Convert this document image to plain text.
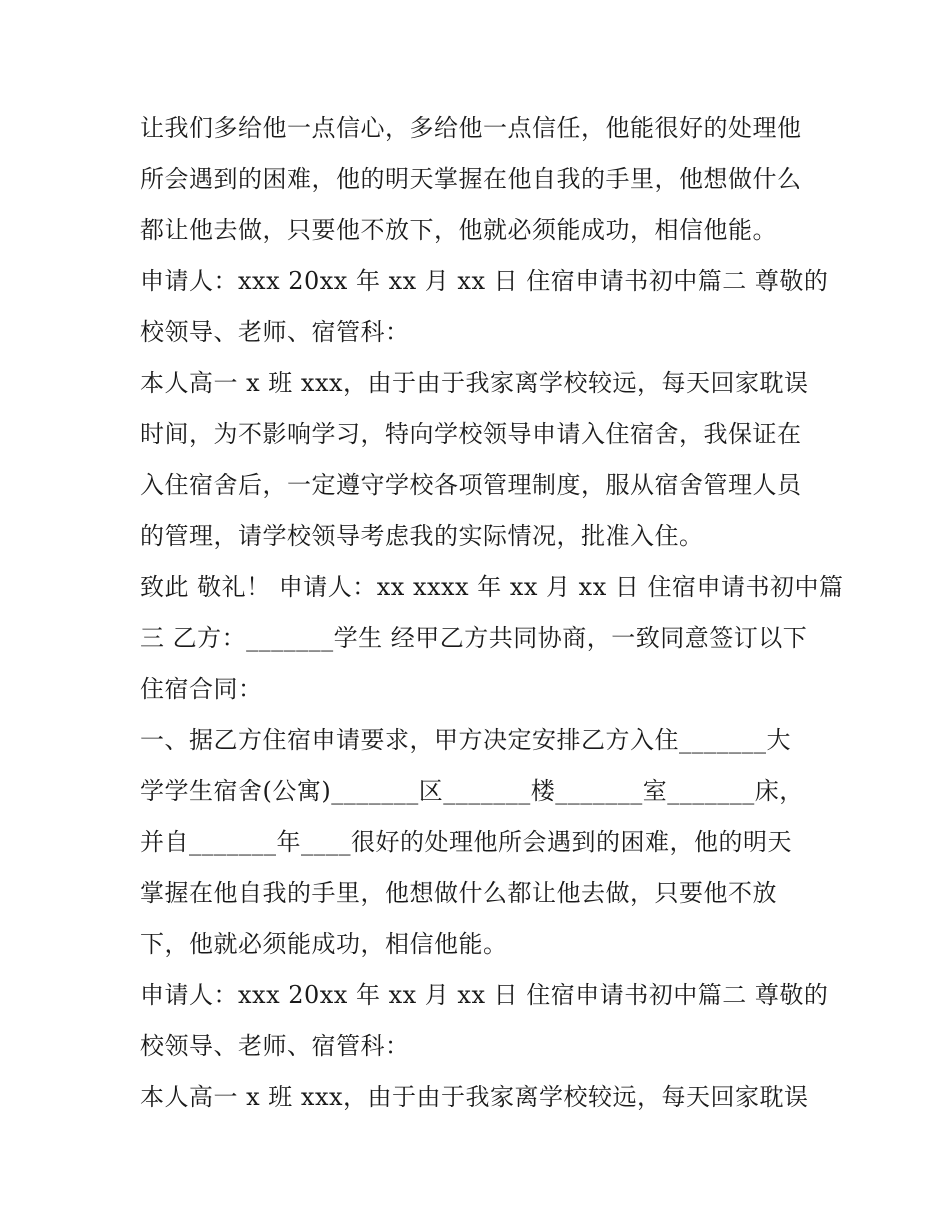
让我们多给他一点信心，多给他一点信任，他能很好的处理他
所会遇到的困难，他的明天掌握在他自我的手里，他想做什么
都让他去做，只要他不放下，他就必须能成功，相信他能。
申请人：xxx 20xx 年 xx 月 xx 日 住宿申请书初中篇二 尊敬的
校领导、老师、宿管科：
本人高一 x 班 xxx，由于由于我家离学校较远，每天回家耽误
时间，为不影响学习，特向学校领导申请入住宿舍，我保证在
入住宿舍后，一定遵守学校各项管理制度，服从宿舍管理人员
的管理，请学校领导考虑我的实际情况，批准入住。
致此 敬礼！ 申请人：xx xxxx 年 xx 月 xx 日 住宿申请书初中篇
三 乙方：_______学生 经甲乙方共同协商，一致同意签订以下
住宿合同：
一、据乙方住宿申请要求，甲方决定安排乙方入住_______大
学学生宿舍(公寓)_______区_______楼_______室_______床，
并自_______年____很好的处理他所会遇到的困难，他的明天
掌握在他自我的手里，他想做什么都让他去做，只要他不放
下，他就必须能成功，相信他能。
申请人：xxx 20xx 年 xx 月 xx 日 住宿申请书初中篇二 尊敬的
校领导、老师、宿管科：
本人高一 x 班 xxx，由于由于我家离学校较远，每天回家耽误
